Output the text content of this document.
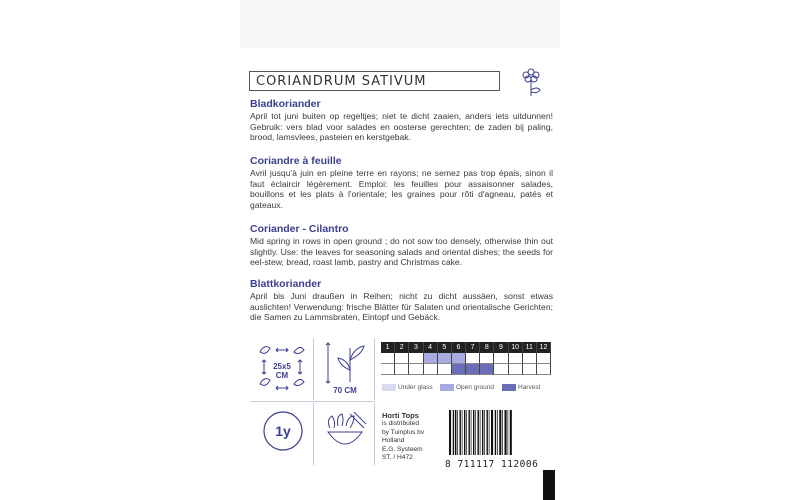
CORIANDRUM SATIVUM
Bladkoriander

April tot juni buiten op regeltjes; niet te dicht zaaien, anders iets uitdunnen! Gebruik: vers blad voor salades en oosterse gerechten; de zaden bij paling, brood, lamsvlees, pasteien en kerstgebak.

Coriandre à feuille

Avril jusqu'à juin en pleine terre en rayons; ne semez pas trop épais, sinon il faut éclaircir légèrement. Emploi: les feuilles pour assaisonner salades, bouillons et les plats à l'orientale; les graines pour rôti d'agneau, patés et gateaux.

Coriander - Cilantro

Mid spring in rows in open ground ; do not sow too densely, otherwise thin out slightly. Use: the leaves for seasoning salads and oriental dishes; the seeds for eel-stew, bread, roast lamb, pastry and Christmas cake.

Blattkoriander

April bis Juni draußen in Reihen; nicht zu dicht aussäen, sonst etwas auslichten! Verwendung: frische Blätter für Salaten und orientalische Gerichten; die Samen zu Lammsbraten, Eintopf und Gebäck.

25x5
CM
70 CM
1y
1	2	3	4	5	6	7	8	9	10 11 12
Under glass	Open ground	Harvest
Horti Tops
is distributed
by Tuinplus bv
Holland
E.G. Systeem
ST. / H472
8 711117 112006
